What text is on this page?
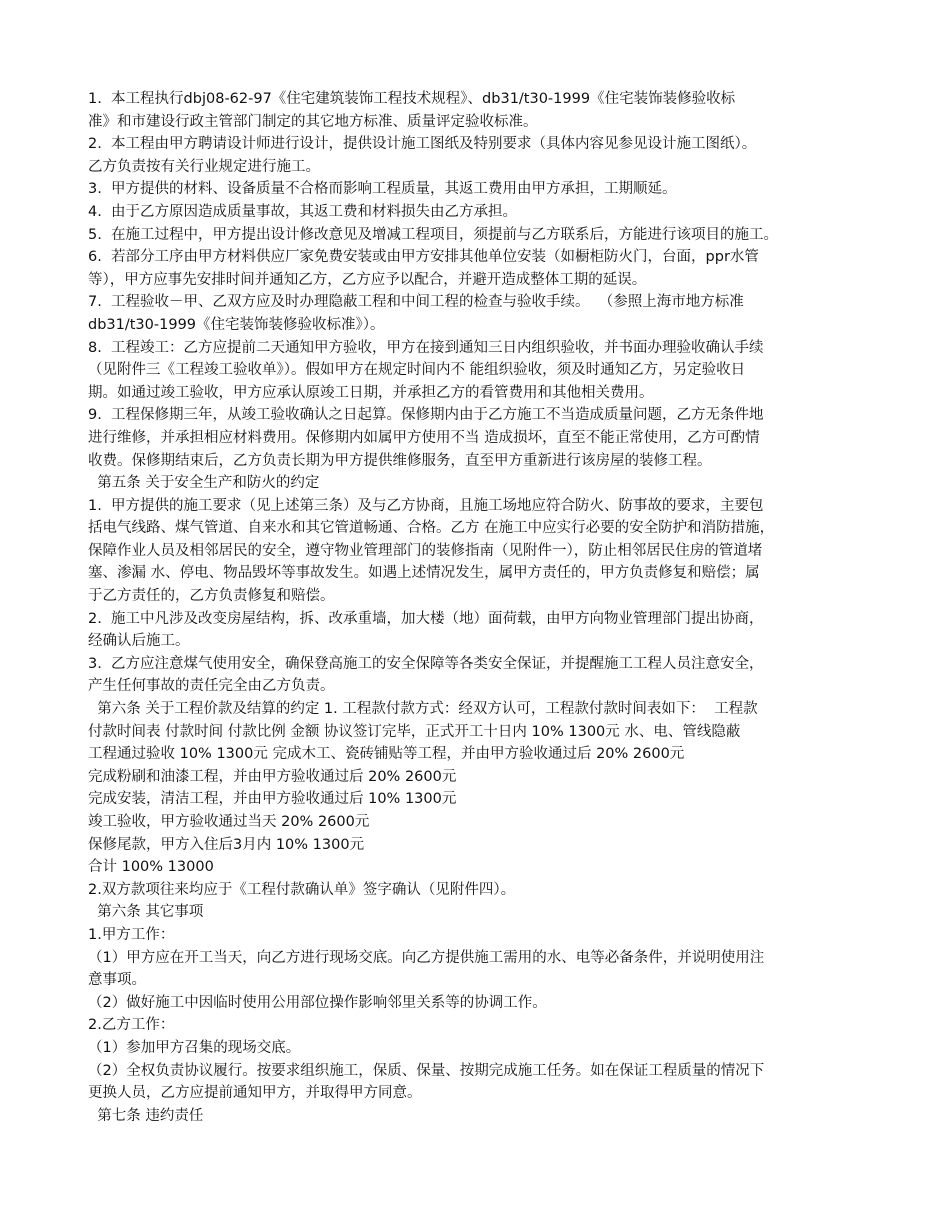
1.  本工程执行dbj08-62-97《住宅建筑装饰工程技术规程》、db31/t30-1999《住宅装饰装修验收标
准》和市建设行政主管部门制定的其它地方标准、质量评定验收标准。
2.  本工程由甲方聘请设计师进行设计，提供设计施工图纸及特别要求（具体内容见参见设计施工图纸）。
乙方负责按有关行业规定进行施工。
3.  甲方提供的材料、设备质量不合格而影响工程质量，其返工费用由甲方承担，工期顺延。
4.  由于乙方原因造成质量事故，其返工费和材料损失由乙方承担。
5.  在施工过程中，甲方提出设计修改意见及增减工程项目，须提前与乙方联系后，方能进行该项目的施工。
6.  若部分工序由甲方材料供应厂家免费安装或由甲方安排其他单位安装（如橱柜防火门，台面，ppr水管
等），甲方应事先安排时间并通知乙方，乙方应予以配合，并避开造成整体工期的延误。
7.  工程验收－甲、乙双方应及时办理隐蔽工程和中间工程的检查与验收手续。  （参照上海市地方标准
db31/t30-1999《住宅装饰装修验收标准》）。
8.  工程竣工：乙方应提前二天通知甲方验收，甲方在接到通知三日内组织验收，并书面办理验收确认手续
（见附件三《工程竣工验收单》）。假如甲方在规定时间内不 能组织验收，须及时通知乙方，另定验收日
期。如通过竣工验收，甲方应承认原竣工日期，并承担乙方的看管费用和其他相关费用。
9.  工程保修期三年，从竣工验收确认之日起算。保修期内由于乙方施工不当造成质量问题，乙方无条件地
进行维修，并承担相应材料费用。保修期内如属甲方使用不当 造成损坏，直至不能正常使用，乙方可酌情
收费。保修期结束后，乙方负责长期为甲方提供维修服务，直至甲方重新进行该房屋的装修工程。
第五条 关于安全生产和防火的约定
1.  甲方提供的施工要求（见上述第三条）及与乙方协商，且施工场地应符合防火、防事故的要求，主要包
括电气线路、煤气管道、自来水和其它管道畅通、合格。乙方 在施工中应实行必要的安全防护和消防措施，
保障作业人员及相邻居民的安全，遵守物业管理部门的装修指南（见附件一），防止相邻居民住房的管道堵
塞、渗漏 水、停电、物品毁坏等事故发生。如遇上述情况发生，属甲方责任的，甲方负责修复和赔偿；属
于乙方责任的，乙方负责修复和赔偿。
2.  施工中凡涉及改变房屋结构，拆、改承重墙，加大楼（地）面荷载，由甲方向物业管理部门提出协商，
经确认后施工。
3.  乙方应注意煤气使用安全，确保登高施工的安全保障等各类安全保证，并提醒施工工程人员注意安全，
产生任何事故的责任完全由乙方负责。
第六条 关于工程价款及结算的约定 1. 工程款付款方式：经双方认可，工程款付款时间表如下：  工程款
付款时间表 付款时间 付款比例 金额 协议签订完毕，正式开工十日内 10% 1300元 水、电、管线隐蔽
工程通过验收 10% 1300元 完成木工、瓷砖铺贴等工程，并由甲方验收通过后 20% 2600元
完成粉刷和油漆工程，并由甲方验收通过后 20% 2600元
完成安装，清洁工程，并由甲方验收通过后 10% 1300元
竣工验收，甲方验收通过当天 20% 2600元
保修尾款，甲方入住后3月内 10% 1300元
合计 100% 13000
2.双方款项往来均应于《工程付款确认单》签字确认（见附件四）。
第六条 其它事项
1.甲方工作：
（1）甲方应在开工当天，向乙方进行现场交底。向乙方提供施工需用的水、电等必备条件，并说明使用注
意事项。
（2）做好施工中因临时使用公用部位操作影响邻里关系等的协调工作。
2.乙方工作：
（1）参加甲方召集的现场交底。
（2）全权负责协议履行。按要求组织施工，保质、保量、按期完成施工任务。如在保证工程质量的情况下
更换人员，乙方应提前通知甲方，并取得甲方同意。
第七条 违约责任
